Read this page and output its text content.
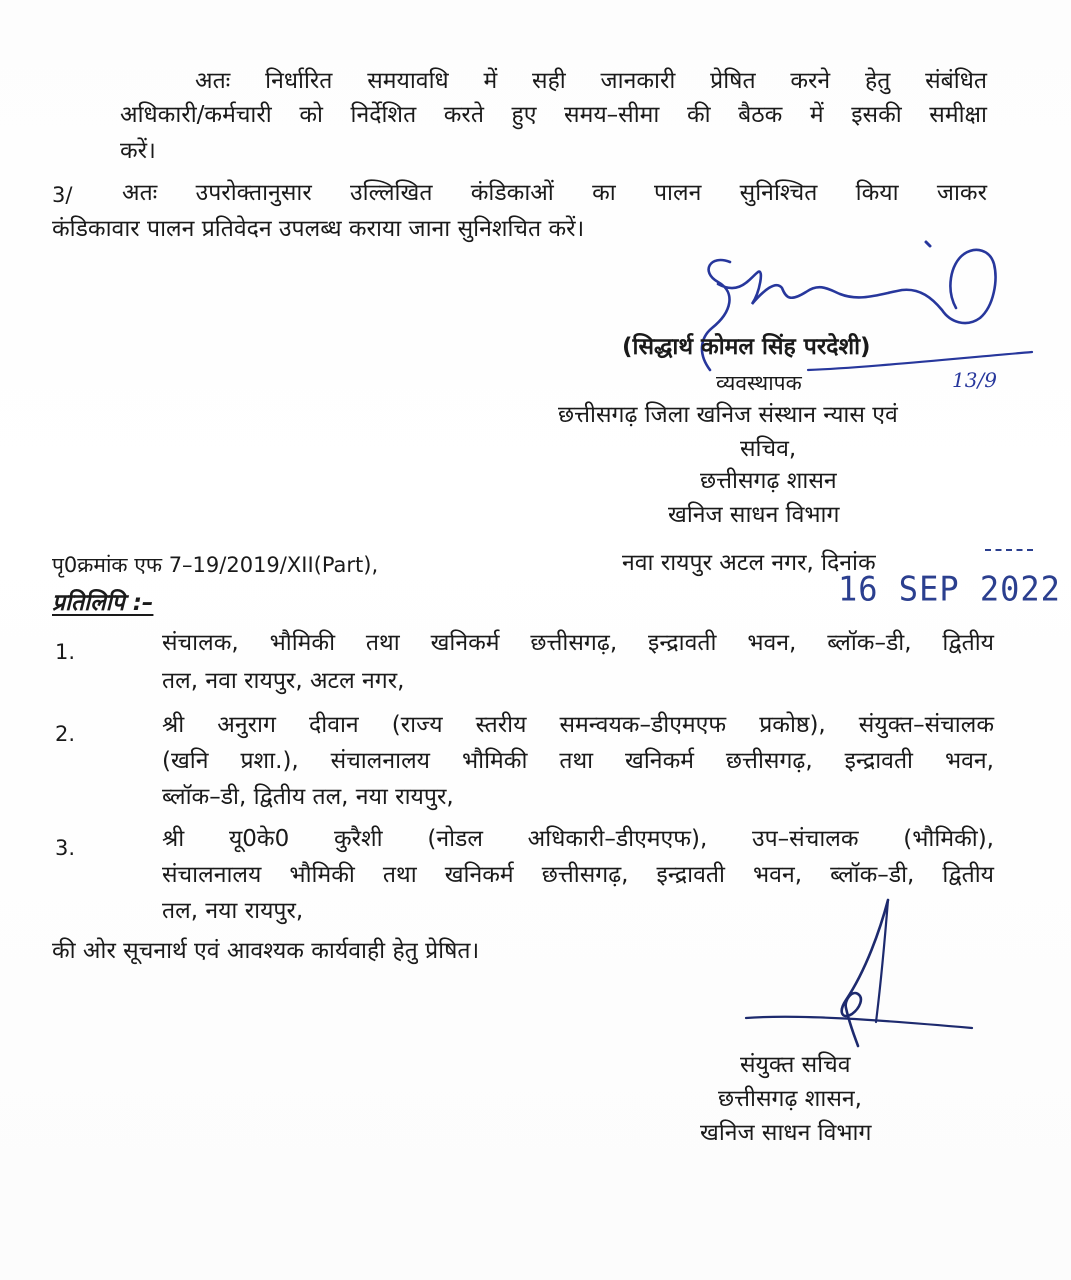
अतः निर्धारित समयावधि में सही जानकारी प्रेषित करने हेतु संबंधित
अधिकारी/कर्मचारी को निर्देशित करते हुए समय–सीमा की बैठक में इसकी समीक्षा
करें।
3/ अतः उपरोक्तानुसार उल्लिखित कंडिकाओं का पालन सुनिश्चित किया जाकर
कंडिकावार पालन प्रतिवेदन उपलब्ध कराया जाना सुनिशचित करें।
(सिद्धार्थ कोमल सिंह परदेशी)
व्यवस्थापक	13/9
छत्तीसगढ़ जिला खनिज संस्थान न्यास एवं
सचिव,
छत्तीसगढ़ शासन
खनिज साधन विभाग
पृ0क्रमांक एफ 7–19/2019/XII(Part),	नवा रायपुर अटल नगर, दिनांक
16 SEP 2022
प्रतिलिपि :–
1.	संचालक, भौमिकी तथा खनिकर्म छत्तीसगढ़, इन्द्रावती भवन, ब्लॉक–डी, द्वितीय
तल, नवा रायपुर, अटल नगर,
2.	श्री अनुराग दीवान (राज्य स्तरीय समन्वयक–डीएमएफ प्रकोष्ठ), संयुक्त–संचालक
(खनि प्रशा.), संचालनालय भौमिकी तथा खनिकर्म छत्तीसगढ़, इन्द्रावती भवन,
ब्लॉक–डी, द्वितीय तल, नया रायपुर,
3.	श्री यू0के0 कुरैशी (नोडल अधिकारी–डीएमएफ), उप–संचालक (भौमिकी),
संचालनालय भौमिकी तथा खनिकर्म छत्तीसगढ़, इन्द्रावती भवन, ब्लॉक–डी, द्वितीय
तल, नया रायपुर,
की ओर सूचनार्थ एवं आवश्यक कार्यवाही हेतु प्रेषित।
संयुक्त सचिव
छत्तीसगढ़ शासन,
खनिज साधन विभाग
